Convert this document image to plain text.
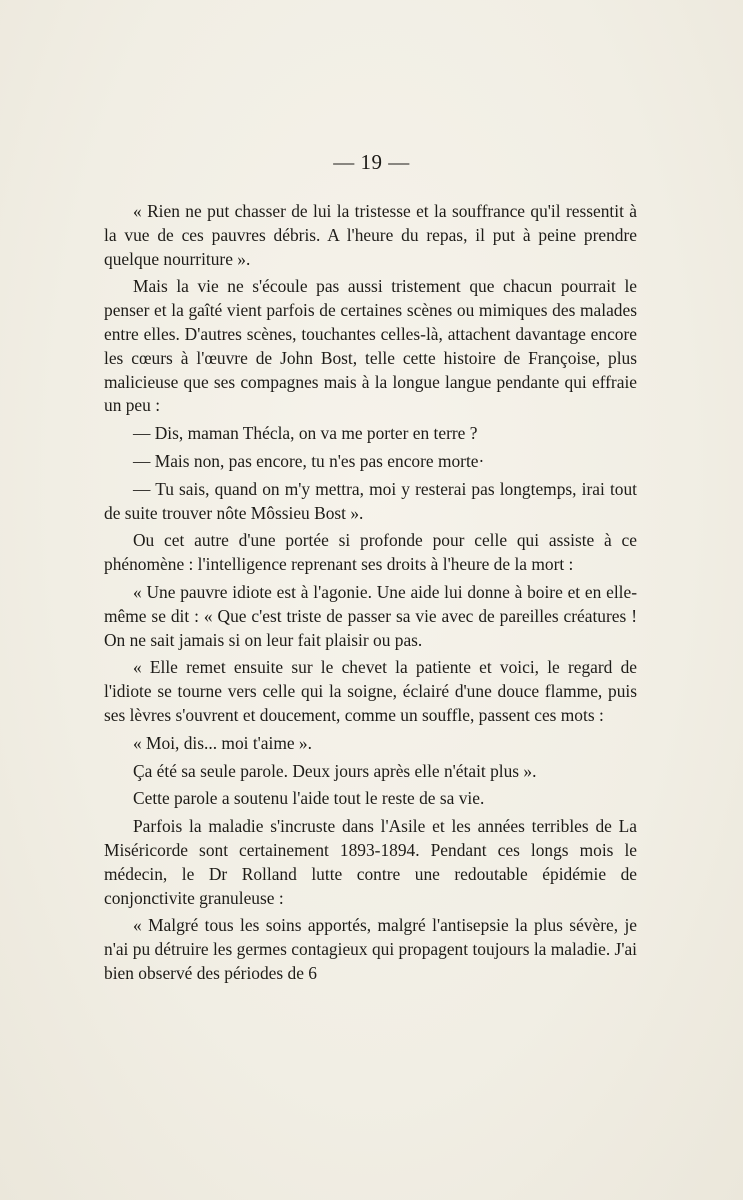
— 19 —

« Rien ne put chasser de lui la tristesse et la souffrance qu'il ressentit à la vue de ces pauvres débris. A l'heure du repas, il put à peine prendre quelque nourriture ».

Mais la vie ne s'écoule pas aussi tristement que chacun pourrait le penser et la gaîté vient parfois de certaines scènes ou mimiques des malades entre elles. D'autres scènes, touchantes celles-là, attachent davantage encore les cœurs à l'œuvre de John Bost, telle cette histoire de Françoise, plus malicieuse que ses compagnes mais à la longue langue pendante qui effraie un peu :

— Dis, maman Thécla, on va me porter en terre ?

— Mais non, pas encore, tu n'es pas encore morte·

— Tu sais, quand on m'y mettra, moi y resterai pas longtemps, irai tout de suite trouver nôte Môssieu Bost ».

Ou cet autre d'une portée si profonde pour celle qui assiste à ce phénomène : l'intelligence reprenant ses droits à l'heure de la mort :

« Une pauvre idiote est à l'agonie. Une aide lui donne à boire et en elle-même se dit : « Que c'est triste de passer sa vie avec de pareilles créatures ! On ne sait jamais si on leur fait plaisir ou pas.

« Elle remet ensuite sur le chevet la patiente et voici, le regard de l'idiote se tourne vers celle qui la soigne, éclairé d'une douce flamme, puis ses lèvres s'ouvrent et doucement, comme un souffle, passent ces mots :

« Moi, dis... moi t'aime ».

Ça été sa seule parole. Deux jours après elle n'était plus ».

Cette parole a soutenu l'aide tout le reste de sa vie.

Parfois la maladie s'incruste dans l'Asile et les années terribles de La Miséricorde sont certainement 1893-1894. Pendant ces longs mois le médecin, le Dr Rolland lutte contre une redoutable épidémie de conjonctivite granuleuse :

« Malgré tous les soins apportés, malgré l'antisepsie la plus sévère, je n'ai pu détruire les germes contagieux qui propagent toujours la maladie. J'ai bien observé des périodes de 6
